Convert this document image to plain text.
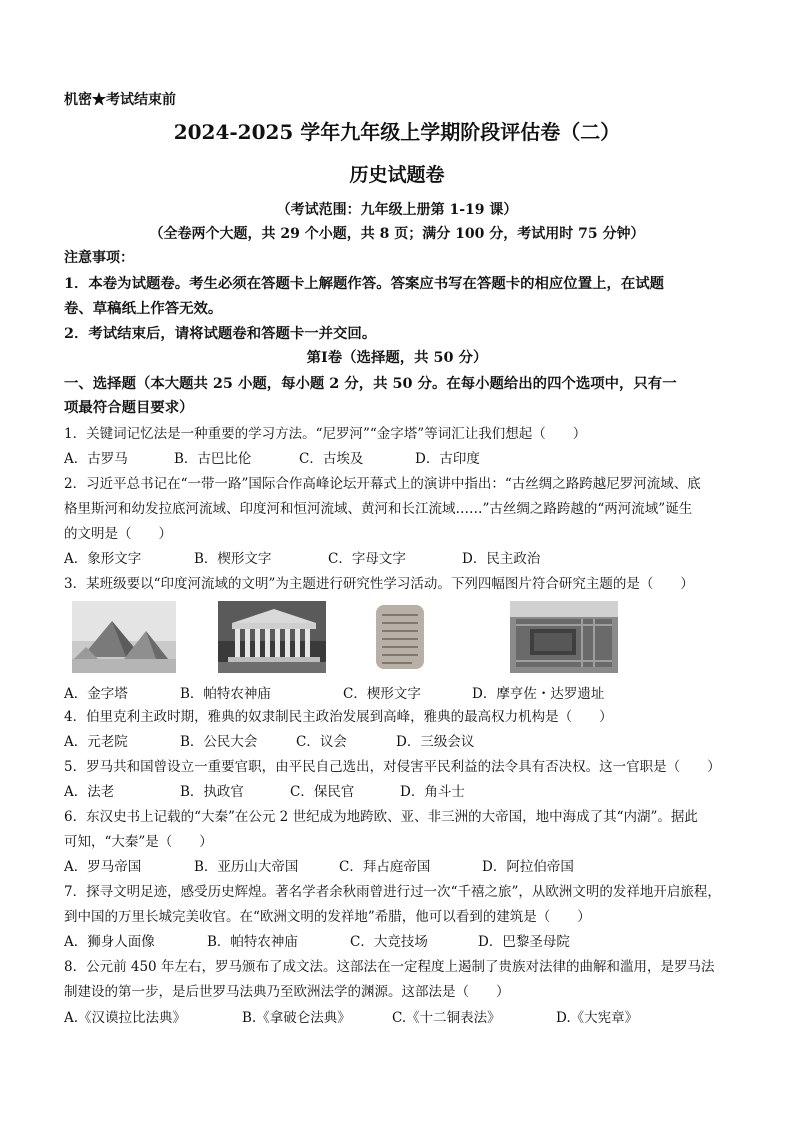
机密★考试结束前
2024-2025 学年九年级上学期阶段评估卷（二）
历史试题卷
（考试范围：九年级上册第 1-19 课）
（全卷两个大题，共 29 个小题，共 8 页；满分 100 分，考试用时 75 分钟）
注意事项：
1．本卷为试题卷。考生必须在答题卡上解题作答。答案应书写在答题卡的相应位置上，在试题
卷、草稿纸上作答无效。
2．考试结束后，请将试题卷和答题卡一并交回。
第Ⅰ卷（选择题，共 50 分）
一、选择题（本大题共 25 小题，每小题 2 分，共 50 分。在每小题给出的四个选项中，只有一
项最符合题目要求）
1．关键词记忆法是一种重要的学习方法。“尼罗河”“金字塔”等词汇让我们想起（　　）
A．古罗马	B．古巴比伦	C．古埃及	D．古印度
2．习近平总书记在“一带一路”国际合作高峰论坛开幕式上的演讲中指出：“古丝绸之路跨越尼罗河流域、底
格里斯河和幼发拉底河流域、印度河和恒河流域、黄河和长江流域……”古丝绸之路跨越的“两河流域”诞生
的文明是（　　）
A．象形文字	B．楔形文字	C．字母文字	D．民主政治
3．某班级要以“印度河流域的文明”为主题进行研究性学习活动。下列四幅图片符合研究主题的是（　　）
A．金字塔	B．帕特农神庙	C．楔形文字	D．摩亨佐・达罗遗址
4．伯里克利主政时期，雅典的奴隶制民主政治发展到高峰，雅典的最高权力机构是（　　）
A．元老院	B．公民大会	C．议会	D．三级会议
5．罗马共和国曾设立一重要官职，由平民自己选出，对侵害平民利益的法令具有否决权。这一官职是（　　）
A．法老	B．执政官	C．保民官	D．角斗士
6．东汉史书上记载的“大秦”在公元 2 世纪成为地跨欧、亚、非三洲的大帝国，地中海成了其“内湖”。据此
可知，“大秦”是（　　）
A．罗马帝国	B．亚历山大帝国	C．拜占庭帝国	D．阿拉伯帝国
7．探寻文明足迹，感受历史辉煌。著名学者余秋雨曾进行过一次“千禧之旅”，从欧洲文明的发祥地开启旅程，
到中国的万里长城完美收官。在“欧洲文明的发祥地”希腊，他可以看到的建筑是（　　）
A．狮身人面像	B．帕特农神庙	C．大竞技场	D．巴黎圣母院
8．公元前 450 年左右，罗马颁布了成文法。这部法在一定程度上遏制了贵族对法律的曲解和滥用，是罗马法
制建设的第一步，是后世罗马法典乃至欧洲法学的渊源。这部法是（　　）
A.《汉谟拉比法典》	B.《拿破仑法典》	C.《十二铜表法》	D.《大宪章》
